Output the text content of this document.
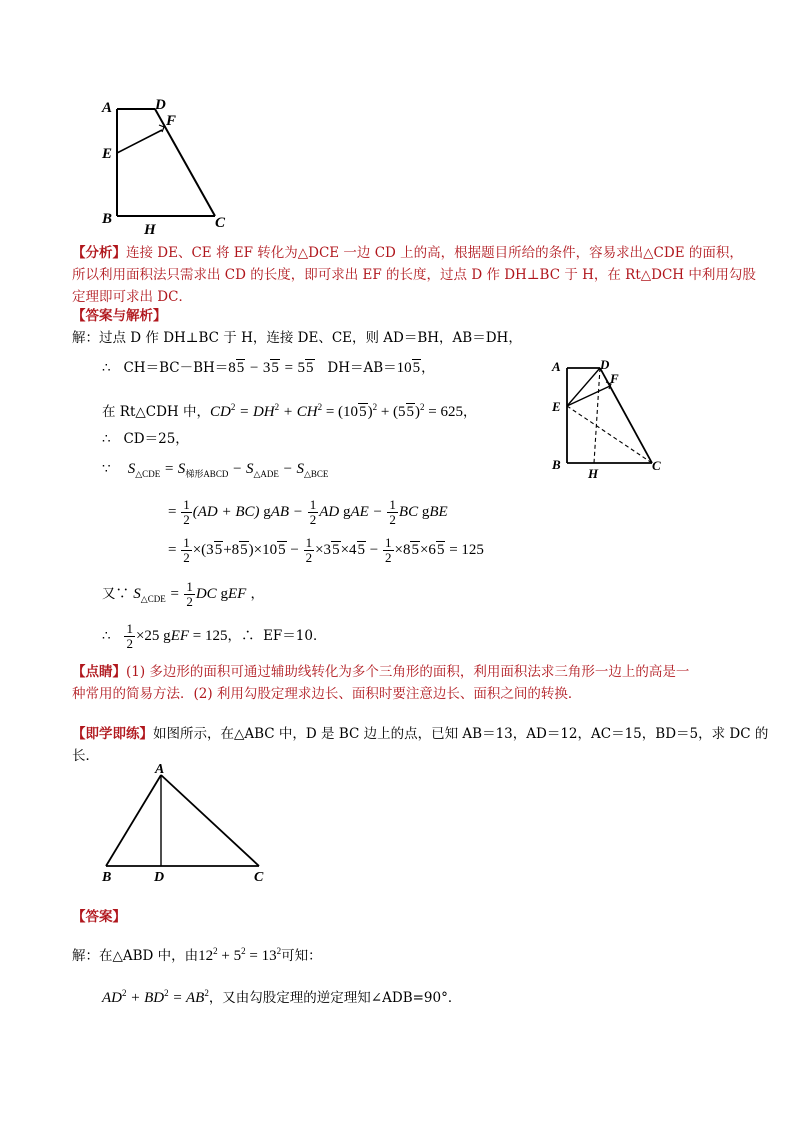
A	D
F
E
B
H	C
【分析】连接 DE、CE 将 EF 转化为△DCE 一边 CD 上的高，根据题目所给的条件，容易求出△CDE 的面积，
所以利用面积法只需求出 CD 的长度，即可求出 EF 的长度，过点 D 作 DH⊥BC 于 H，在 Rt△DCH 中利用勾股
定理即可求出 DC．
【答案与解析】
解：过点 D 作 DH⊥BC 于 H，连接 DE、CE，则 AD＝BH，AB＝DH，
∴ CH＝BC－BH＝85 − 35 = 55 DH＝AB＝105，
在 Rt△CDH 中，$CD^2 = DH^2 + CH^2 = (105)^2 + (55)^2 = 625$，
∴ CD＝25，
∵ $S_{\triangle CDE} = S_{梯形ABCD} - S_{\triangle ADE} - S_{\triangle BCE}$
= $\frac{1}{2} (AD + BC)$ gAB − $\frac{1}{2}$ AD gAE − $\frac{1}{2}$ BC gBE
= $\frac{1}{2} \times(35+85)\times 105 - \frac{1}{2} \times 35\times 45 - \frac{1}{2} \times 85\times 65 = 125$
又∵ $S_{\triangle CDE} = \frac{1}{2}$ DC gEF ，
∴ $\frac{1}{2} \times 25$ gEF = 125，∴ EF＝10．
A	D
F
E
B
H
C
【点睛】(1) 多边形的面积可通过辅助线转化为多个三角形的面积，利用面积法求三角形一边上的高是一
种常用的简易方法．(2) 利用勾股定理求边长、面积时要注意边长、面积之间的转换．
【即学即练】如图所示，在△ABC 中，D 是 BC 边上的点，已知 AB＝13，AD＝12，AC＝15，BD＝5，求 DC 的
长．
A
B	D	C
【答案】
解：在△ABD 中，由$12^2 + 5^2 = 13^2$可知：
$AD^2 + BD^2 = AB^2$，又由勾股定理的逆定理知∠ADB=90°．
